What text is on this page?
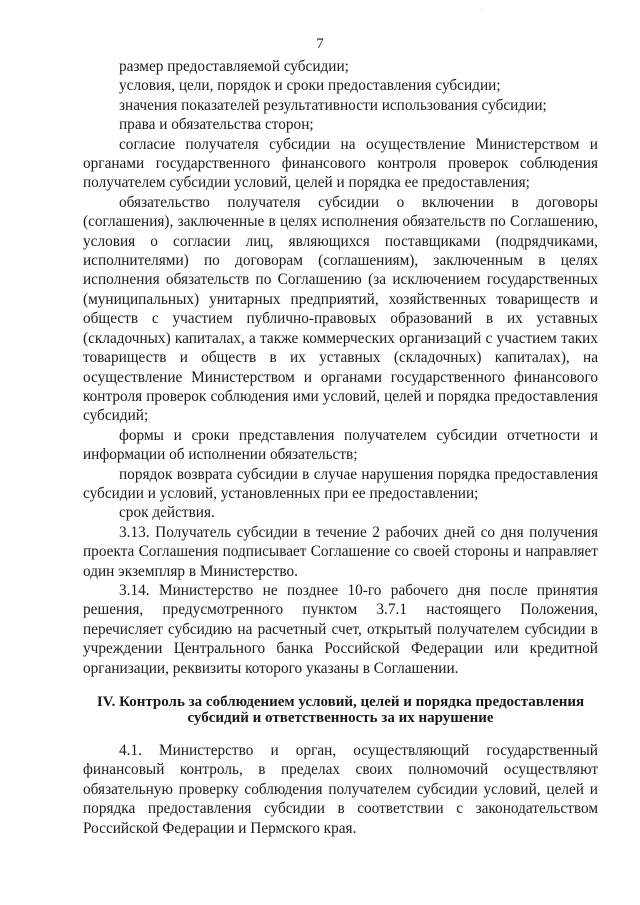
·
7

размер предоставляемой субсидии;

условия, цели, порядок и сроки предоставления субсидии;

значения показателей результативности использования субсидии;

права и обязательства сторон;

согласие получателя субсидии на осуществление Министерством и органами государственного финансового контроля проверок соблюдения получателем субсидии условий, целей и порядка ее предоставления;

обязательство получателя субсидии о включении в договоры (соглашения), заключенные в целях исполнения обязательств по Соглашению, условия о согласии лиц, являющихся поставщиками (подрядчиками, исполнителями) по договорам (соглашениям), заключенным в целях исполнения обязательств по Соглашению (за исключением государственных (муниципальных) унитарных предприятий, хозяйственных товариществ и обществ с участием публично-правовых образований в их уставных (складочных) капиталах, а также коммерческих организаций с участием таких товариществ и обществ в их уставных (складочных) капиталах), на осуществление Министерством и органами государственного финансового контроля проверок соблюдения ими условий, целей и порядка предоставления субсидий;

формы и сроки представления получателем субсидии отчетности и информации об исполнении обязательств;

порядок возврата субсидии в случае нарушения порядка предоставления субсидии и условий, установленных при ее предоставлении;

срок действия.

3.13. Получатель субсидии в течение 2 рабочих дней со дня получения проекта Соглашения подписывает Соглашение со своей стороны и направляет один экземпляр в Министерство.

3.14. Министерство не позднее 10-го рабочего дня после принятия решения, предусмотренного пунктом 3.7.1 настоящего Положения, перечисляет субсидию на расчетный счет, открытый получателем субсидии в учреждении Центрального банка Российской Федерации или кредитной организации, реквизиты которого указаны в Соглашении.

IV. Контроль за соблюдением условий, целей и порядка предоставления
субсидий и ответственность за их нарушение

4.1. Министерство и орган, осуществляющий государственный финансовый контроль, в пределах своих полномочий осуществляют обязательную проверку соблюдения получателем субсидии условий, целей и порядка предоставления субсидии в соответствии с законодательством Российской Федерации и Пермского края.
